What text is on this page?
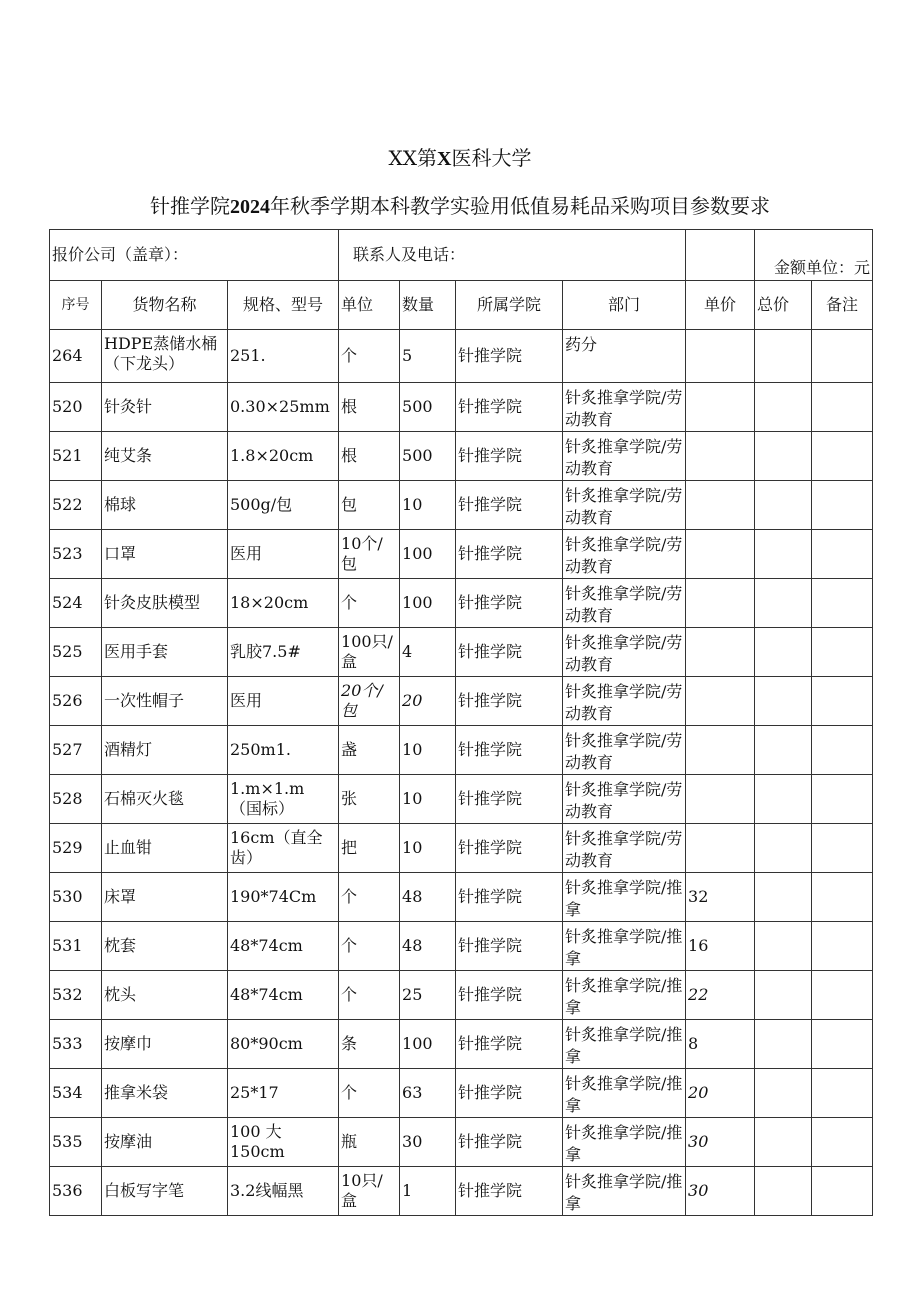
XX第X医科大学
针推学院2024年秋季学期本科教学实验用低值易耗品采购项目参数要求
报价公司（盖章）：			联系人及电话：					金额单位：元	
序号	货物名称	规格、型号	单位	数量	所属学院	部门	单价	总价	备注
264	HDPE蒸储水桶（下龙头）	251.	个	5	针推学院	药分			

520	针灸针	0.30×25mm	根	500	针推学院	针炙推拿学院/劳动教育			

521	纯艾条	1.8×20cm	根	500	针推学院	针炙推拿学院/劳动教育			

522	棉球	500g/包	包	10	针推学院	针炙推拿学院/劳动教育			

523	口罩	医用	10个/包	100	针推学院	针炙推拿学院/劳动教育			

524	针灸皮肤模型	18×20cm	个	100	针推学院	针炙推拿学院/劳动教育			

525	医用手套	乳胶7.5#	100只/盒	4	针推学院	针炙推拿学院/劳动教育			

526	一次性帽子	医用	20个/包	20	针推学院	针炙推拿学院/劳动教育			

527	酒精灯	250m1.	盏	10	针推学院	针炙推拿学院/劳动教育			

528	石棉灭火毯	1.m×1.m（国标）	张	10	针推学院	针炙推拿学院/劳动教育			

529	止血钳	16cm（直全齿）	把	10	针推学院	针炙推拿学院/劳动教育			

530	床罩	190*74Cm	个	48	针推学院	针炙推拿学院/推拿	32		
531	枕套	48*74cm	个	48	针推学院	针炙推拿学院/推拿	16		
532	枕头	48*74cm	个	25	针推学院	针炙推拿学院/推拿	22		
533	按摩巾	80*90cm	条	100	针推学院	针炙推拿学院/推拿	8		
534	推拿米袋	25*17	个	63	针推学院	针炙推拿学院/推拿	20		
535	按摩油	100 大 150cm	瓶	30	针推学院	针炙推拿学院/推拿	30		
536	白板写字笔	3.2线幅黑	10只/盒	1	针推学院	针炙推拿学院/推拿	30		
